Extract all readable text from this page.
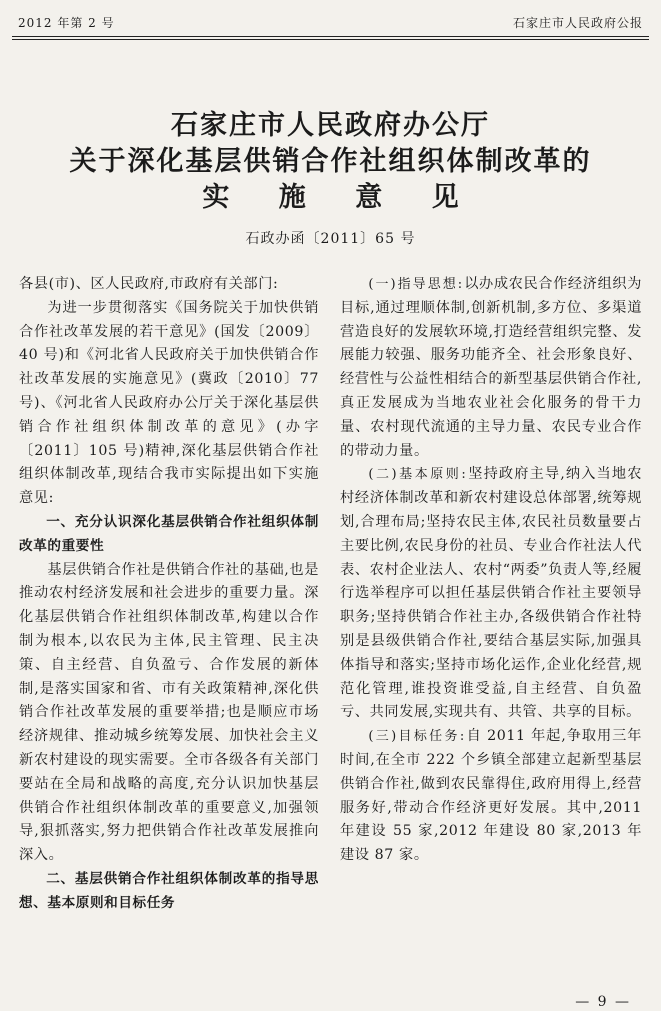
2012 年第 2 号	石家庄市人民政府公报
石家庄市人民政府办公厅
关于深化基层供销合作社组织体制改革的
实 施 意 见
石政办函〔2011〕65 号

各县(市)、区人民政府,市政府有关部门:

为进一步贯彻落实《国务院关于加快供销合作社改革发展的若干意见》(国发〔2009〕40 号)和《河北省人民政府关于加快供销合作社改革发展的实施意见》(冀政〔2010〕77 号)、《河北省人民政府办公厅关于深化基层供销合作社组织体制改革的意见》(办字〔2011〕105 号)精神,深化基层供销合作社组织体制改革,现结合我市实际提出如下实施意见:

一、充分认识深化基层供销合作社组织体制改革的重要性

基层供销合作社是供销合作社的基础,也是推动农村经济发展和社会进步的重要力量。深化基层供销合作社组织体制改革,构建以合作制为根本,以农民为主体,民主管理、民主决策、自主经营、自负盈亏、合作发展的新体制,是落实国家和省、市有关政策精神,深化供销合作社改革发展的重要举措;也是顺应市场经济规律、推动城乡统筹发展、加快社会主义新农村建设的现实需要。全市各级各有关部门要站在全局和战略的高度,充分认识加快基层供销合作社组织体制改革的重要意义,加强领导,狠抓落实,努力把供销合作社改革发展推向深入。

二、基层供销合作社组织体制改革的指导思想、基本原则和目标任务

(一)指导思想:以办成农民合作经济组织为目标,通过理顺体制,创新机制,多方位、多渠道营造良好的发展软环境,打造经营组织完整、发展能力较强、服务功能齐全、社会形象良好、经营性与公益性相结合的新型基层供销合作社,真正发展成为当地农业社会化服务的骨干力量、农村现代流通的主导力量、农民专业合作的带动力量。

(二)基本原则:坚持政府主导,纳入当地农村经济体制改革和新农村建设总体部署,统筹规划,合理布局;坚持农民主体,农民社员数量要占主要比例,农民身份的社员、专业合作社法人代表、农村企业法人、农村“两委”负责人等,经履行选举程序可以担任基层供销合作社主要领导职务;坚持供销合作社主办,各级供销合作社特别是县级供销合作社,要结合基层实际,加强具体指导和落实;坚持市场化运作,企业化经营,规范化管理,谁投资谁受益,自主经营、自负盈亏、共同发展,实现共有、共管、共享的目标。

(三)目标任务:自 2011 年起,争取用三年时间,在全市 222 个乡镇全部建立起新型基层供销合作社,做到农民靠得住,政府用得上,经营服务好,带动合作经济更好发展。其中,2011 年建设 55 家,2012 年建设 80 家,2013 年建设 87 家。

— 9 —
